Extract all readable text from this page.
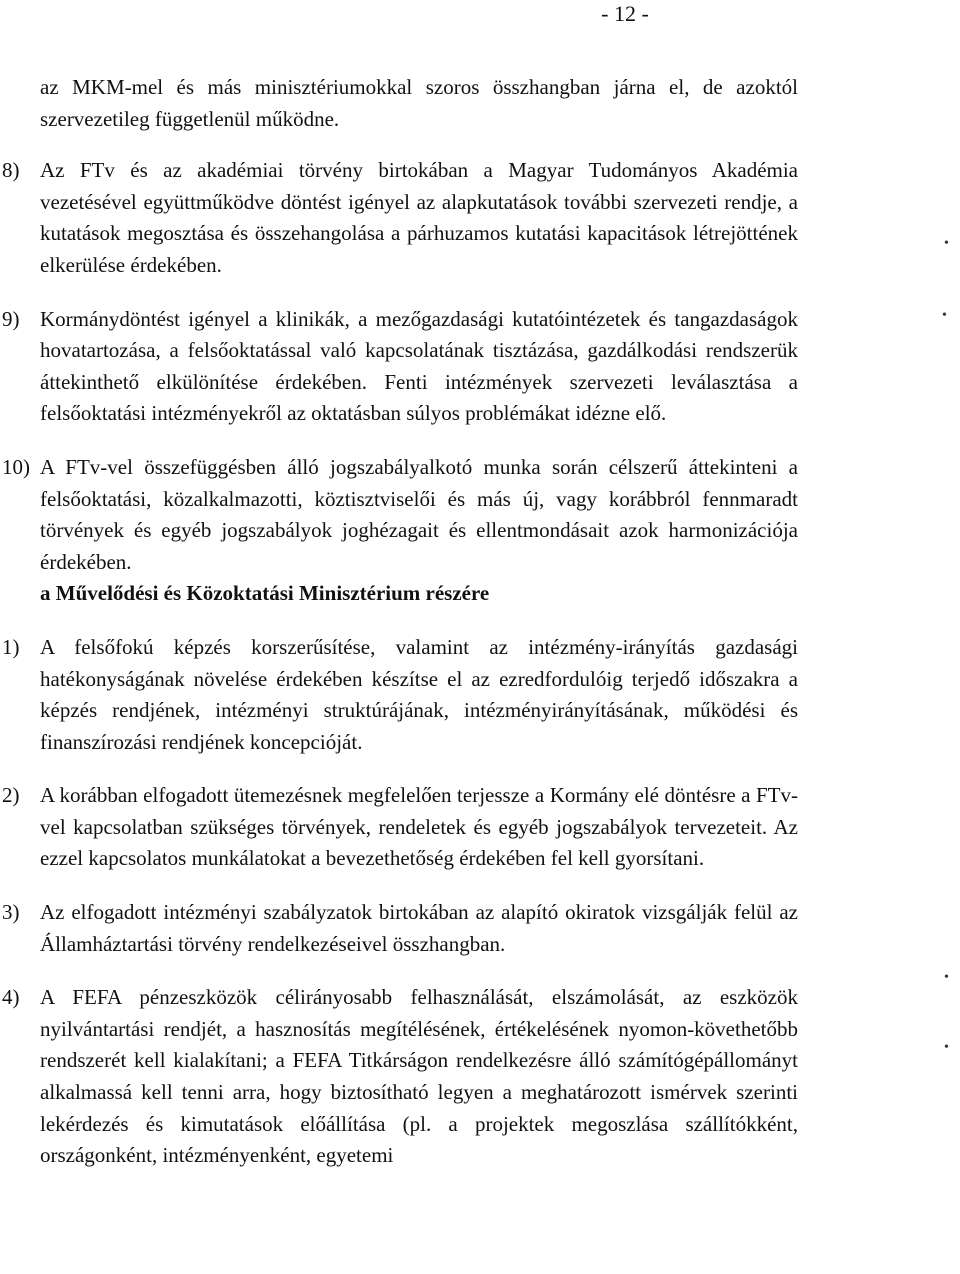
- 12 -

az MKM-mel és más minisztériumokkal szoros összhangban járna el, de azoktól szervezetileg függetlenül működne.

8) Az FTv és az akadémiai törvény birtokában a Magyar Tudományos Akadémia vezetésével együttműködve döntést igényel az alapkutatások további szervezeti rendje, a kutatások megosztása és összehangolása a párhuzamos kutatási kapacitások létrejöttének elkerülése érdekében.
9) Kormánydöntést igényel a klinikák, a mezőgazdasági kutatóintézetek és tangazdaságok hovatartozása, a felsőoktatással való kapcsolatának tisztázása, gazdálkodási rendszerük áttekinthető elkülönítése érdekében. Fenti intézmények szervezeti leválasztása a felsőoktatási intézményekről az oktatásban súlyos problémákat idézne elő.
10) A FTv-vel összefüggésben álló jogszabályalkotó munka során célszerű áttekinteni a felsőoktatási, közalkalmazotti, köztisztviselői és más új, vagy korábbról fennmaradt törvények és egyéb jogszabályok joghézagait és ellentmondásait azok harmonizációja érdekében.

a Művelődési és Közoktatási Minisztérium részére

1) A felsőfokú képzés korszerűsítése, valamint az intézmény-irányítás gazdasági hatékonyságának növelése érdekében készítse el az ezredfordulóig terjedő időszakra a képzés rendjének, intézményi struktúrájának, intézményirányításának, működési és finanszírozási rendjének koncepcióját.
2) A korábban elfogadott ütemezésnek megfelelően terjessze a Kormány elé döntésre a FTv-vel kapcsolatban szükséges törvények, rendeletek és egyéb jogszabályok tervezeteit. Az ezzel kapcsolatos munkálatokat a bevezethetőség érdekében fel kell gyorsítani.
3) Az elfogadott intézményi szabályzatok birtokában az alapító okiratok vizsgálják felül az Államháztartási törvény rendelkezéseivel összhangban.
4) A FEFA pénzeszközök célirányosabb felhasználását, elszámolását, az eszközök nyilvántartási rendjét, a hasznosítás megítélésének, értékelésének nyomon-követhetőbb rendszerét kell kialakítani; a FEFA Titkárságon rendelkezésre álló számítógépállományt alkalmassá kell tenni arra, hogy biztosítható legyen a meghatározott ismérvek szerinti lekérdezés és kimutatások előállítása (pl. a projektek megoszlása szállítókként, országonként, intézményenként, egyetemi
•
•
•
•
